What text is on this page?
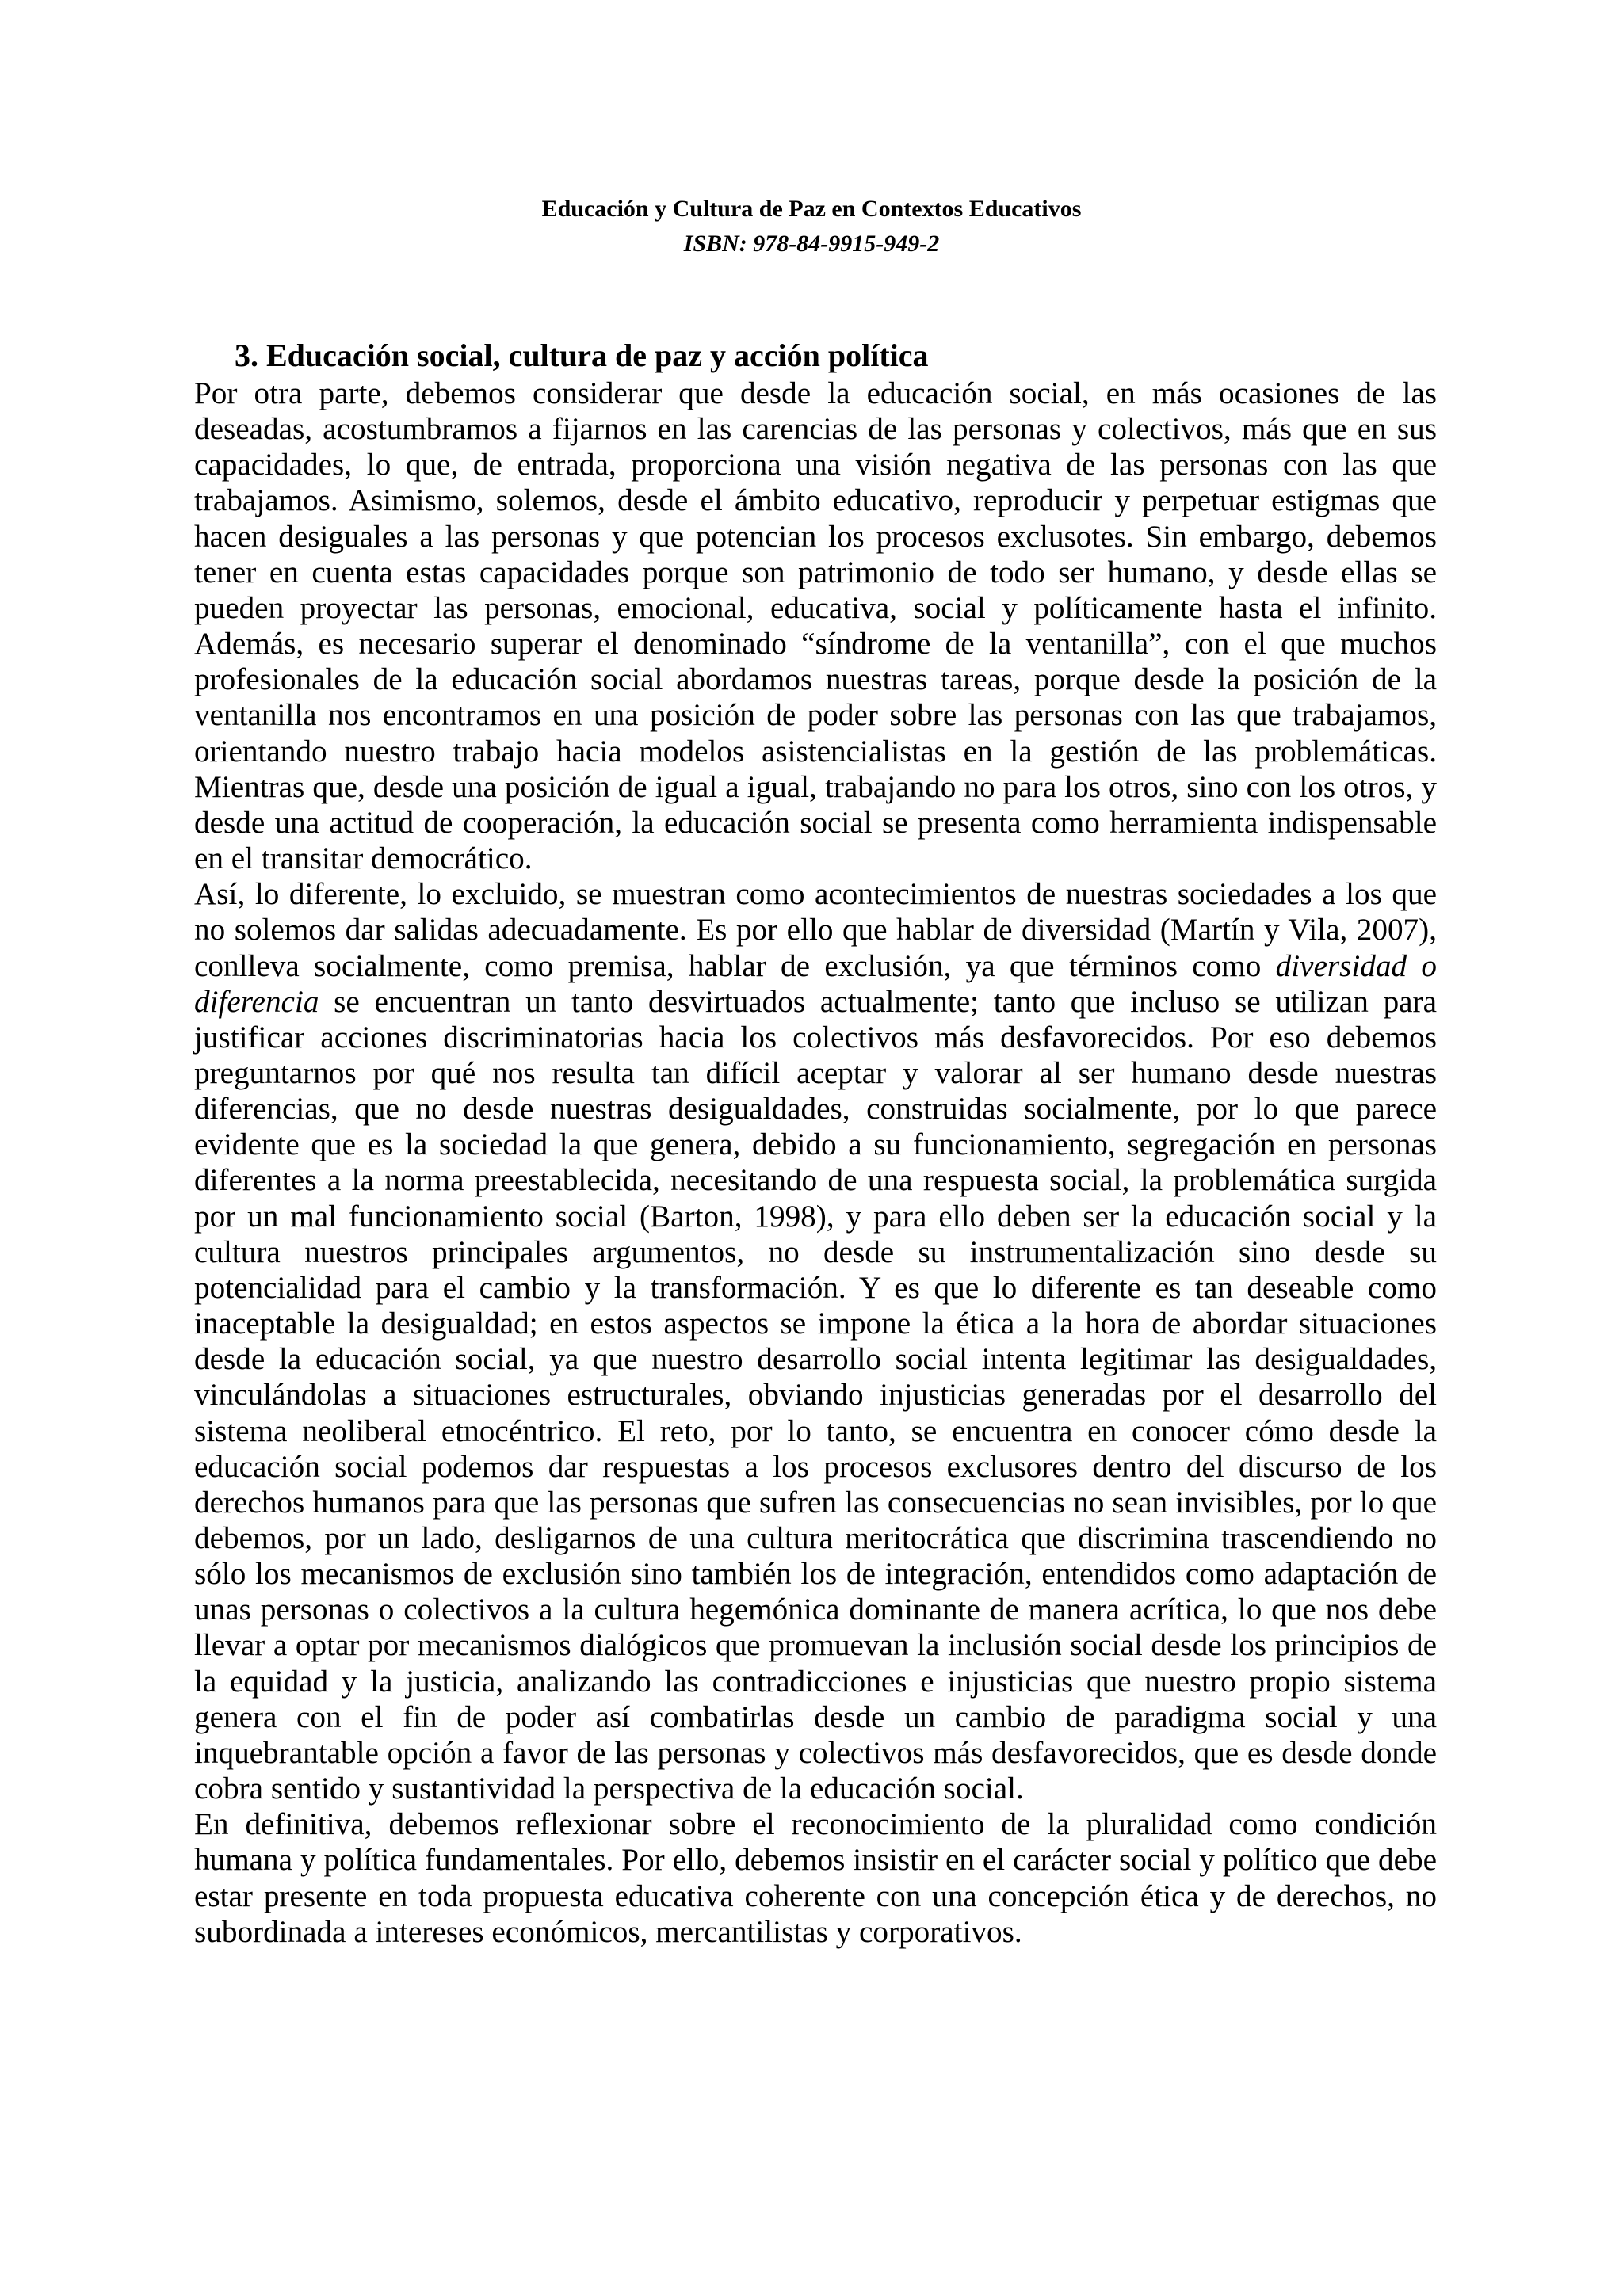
Educación y Cultura de Paz en Contextos Educativos
ISBN: 978-84-9915-949-2
3. Educación social, cultura de paz y acción política

Por otra parte, debemos considerar que desde la educación social, en más ocasiones de las deseadas, acostumbramos a fijarnos en las carencias de las personas y colectivos, más que en sus capacidades, lo que, de entrada, proporciona una visión negativa de las personas con las que trabajamos. Asimismo, solemos, desde el ámbito educativo, reproducir y perpetuar estigmas que hacen desiguales a las personas y que potencian los procesos exclusotes. Sin embargo, debemos tener en cuenta estas capacidades porque son patrimonio de todo ser humano, y desde ellas se pueden proyectar las personas, emocional, educativa, social y políticamente hasta el infinito. Además, es necesario superar el denominado “síndrome de la ventanilla”, con el que muchos profesionales de la educación social abordamos nuestras tareas, porque desde la posición de la ventanilla nos encontramos en una posición de poder sobre las personas con las que trabajamos, orientando nuestro trabajo hacia modelos asistencialistas en la gestión de las problemáticas. Mientras que, desde una posición de igual a igual, trabajando no para los otros, sino con los otros, y desde una actitud de cooperación, la educación social se presenta como herramienta indispensable en el transitar democrático.

Así, lo diferente, lo excluido, se muestran como acontecimientos de nuestras sociedades a los que no solemos dar salidas adecuadamente. Es por ello que hablar de diversidad (Martín y Vila, 2007), conlleva socialmente, como premisa, hablar de exclusión, ya que términos como diversidad o diferencia se encuentran un tanto desvirtuados actualmente; tanto que incluso se utilizan para justificar acciones discriminatorias hacia los colectivos más desfavorecidos. Por eso debemos preguntarnos por qué nos resulta tan difícil aceptar y valorar al ser humano desde nuestras diferencias, que no desde nuestras desigualdades, construidas socialmente, por lo que parece evidente que es la sociedad la que genera, debido a su funcionamiento, segregación en personas diferentes a la norma preestablecida, necesitando de una respuesta social, la problemática surgida por un mal funcionamiento social (Barton, 1998), y para ello deben ser la educación social y la cultura nuestros principales argumentos, no desde su instrumentalización sino desde su potencialidad para el cambio y la transformación. Y es que lo diferente es tan deseable como inaceptable la desigualdad; en estos aspectos se impone la ética a la hora de abordar situaciones desde la educación social, ya que nuestro desarrollo social intenta legitimar las desigualdades, vinculándolas a situaciones estructurales, obviando injusticias generadas por el desarrollo del sistema neoliberal etnocéntrico. El reto, por lo tanto, se encuentra en conocer cómo desde la educación social podemos dar respuestas a los procesos exclusores dentro del discurso de los derechos humanos para que las personas que sufren las consecuencias no sean invisibles, por lo que debemos, por un lado, desligarnos de una cultura meritocrática que discrimina trascendiendo no sólo los mecanismos de exclusión sino también los de integración, entendidos como adaptación de unas personas o colectivos a la cultura hegemónica dominante de manera acrítica, lo que nos debe llevar a optar por mecanismos dialógicos que promuevan la inclusión social desde los principios de la equidad y la justicia, analizando las contradicciones e injusticias que nuestro propio sistema genera con el fin de poder así combatirlas desde un cambio de paradigma social y una inquebrantable opción a favor de las personas y colectivos más desfavorecidos, que es desde donde cobra sentido y sustantividad la perspectiva de la educación social.

En definitiva, debemos reflexionar sobre el reconocimiento de la pluralidad como condición humana y política fundamentales. Por ello, debemos insistir en el carácter social y político que debe estar presente en toda propuesta educativa coherente con una concepción ética y de derechos, no subordinada a intereses económicos, mercantilistas y corporativos.
